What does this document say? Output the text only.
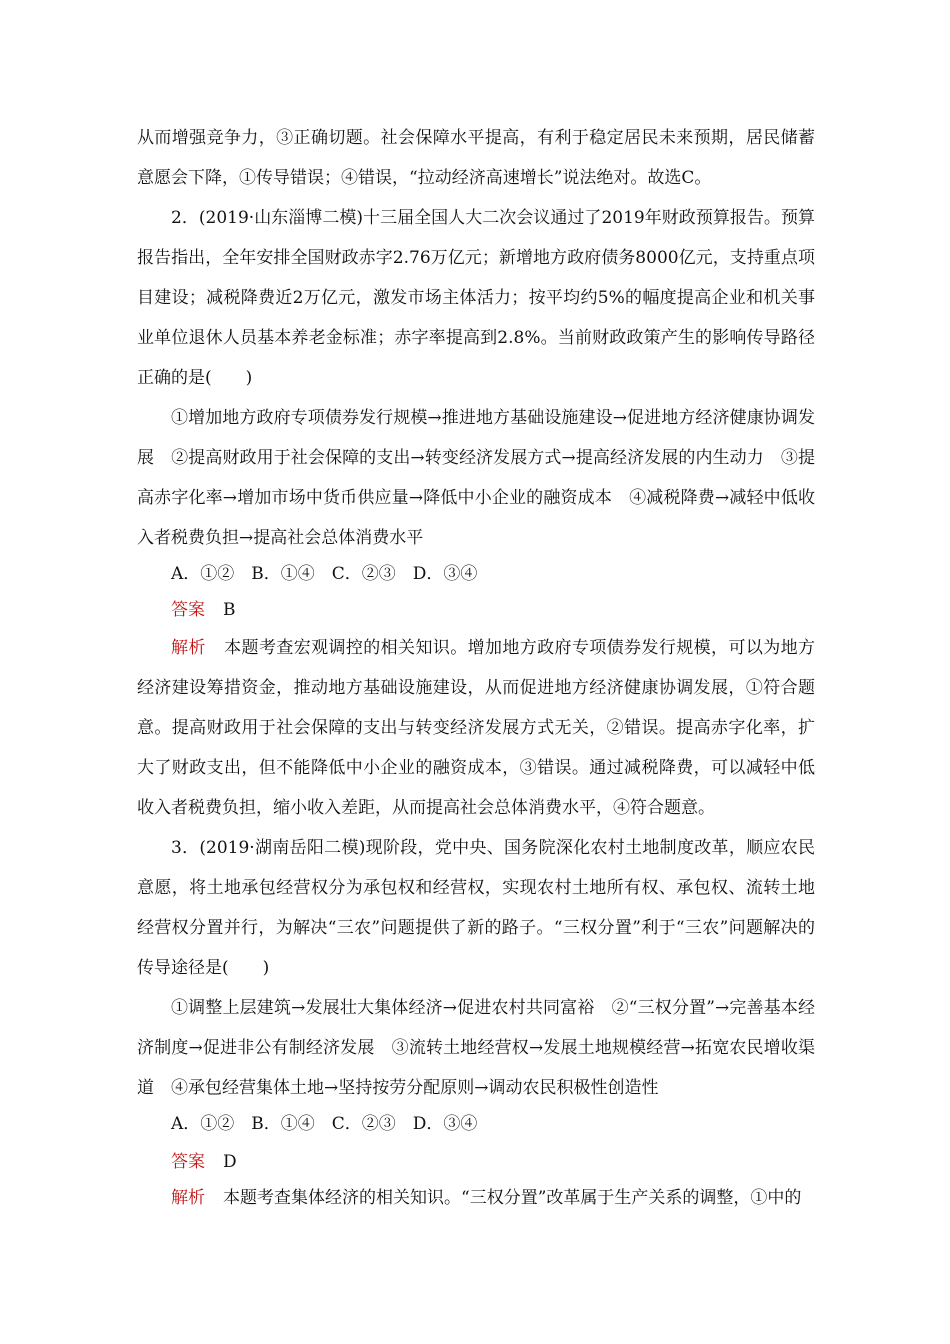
从而增强竞争力，③正确切题。社会保障水平提高，有利于稳定居民未来预期，居民储蓄意愿会下降，①传导错误；④错误，“拉动经济高速增长”说法绝对。故选C。
2．(2019·山东淄博二模)十三届全国人大二次会议通过了2019年财政预算报告。预算报告指出，全年安排全国财政赤字2.76万亿元；新增地方政府债务8000亿元，支持重点项目建设；减税降费近2万亿元，激发市场主体活力；按平均约5%的幅度提高企业和机关事业单位退休人员基本养老金标准；赤字率提高到2.8%。当前财政政策产生的影响传导路径正确的是(　　)
①增加地方政府专项债券发行规模→推进地方基础设施建设→促进地方经济健康协调发展　②提高财政用于社会保障的支出→转变经济发展方式→提高经济发展的内生动力　③提高赤字化率→增加市场中货币供应量→降低中小企业的融资成本　④减税降费→减轻中低收入者税费负担→提高社会总体消费水平
A．①②　B．①④　C．②③　D．③④
答案 B
解析 本题考查宏观调控的相关知识。增加地方政府专项债券发行规模，可以为地方经济建设筹措资金，推动地方基础设施建设，从而促进地方经济健康协调发展，①符合题意。提高财政用于社会保障的支出与转变经济发展方式无关，②错误。提高赤字化率，扩大了财政支出，但不能降低中小企业的融资成本，③错误。通过减税降费，可以减轻中低收入者税费负担，缩小收入差距，从而提高社会总体消费水平，④符合题意。
3．(2019·湖南岳阳二模)现阶段，党中央、国务院深化农村土地制度改革，顺应农民意愿，将土地承包经营权分为承包权和经营权，实现农村土地所有权、承包权、流转土地经营权分置并行，为解决“三农”问题提供了新的路子。“三权分置”利于“三农”问题解决的传导途径是(　　)
①调整上层建筑→发展壮大集体经济→促进农村共同富裕　②“三权分置”→完善基本经济制度→促进非公有制经济发展　③流转土地经营权→发展土地规模经营→拓宽农民增收渠道　④承包经营集体土地→坚持按劳分配原则→调动农民积极性创造性
A．①②　B．①④　C．②③　D．③④
答案 D
解析 本题考查集体经济的相关知识。“三权分置”改革属于生产关系的调整，①中的
